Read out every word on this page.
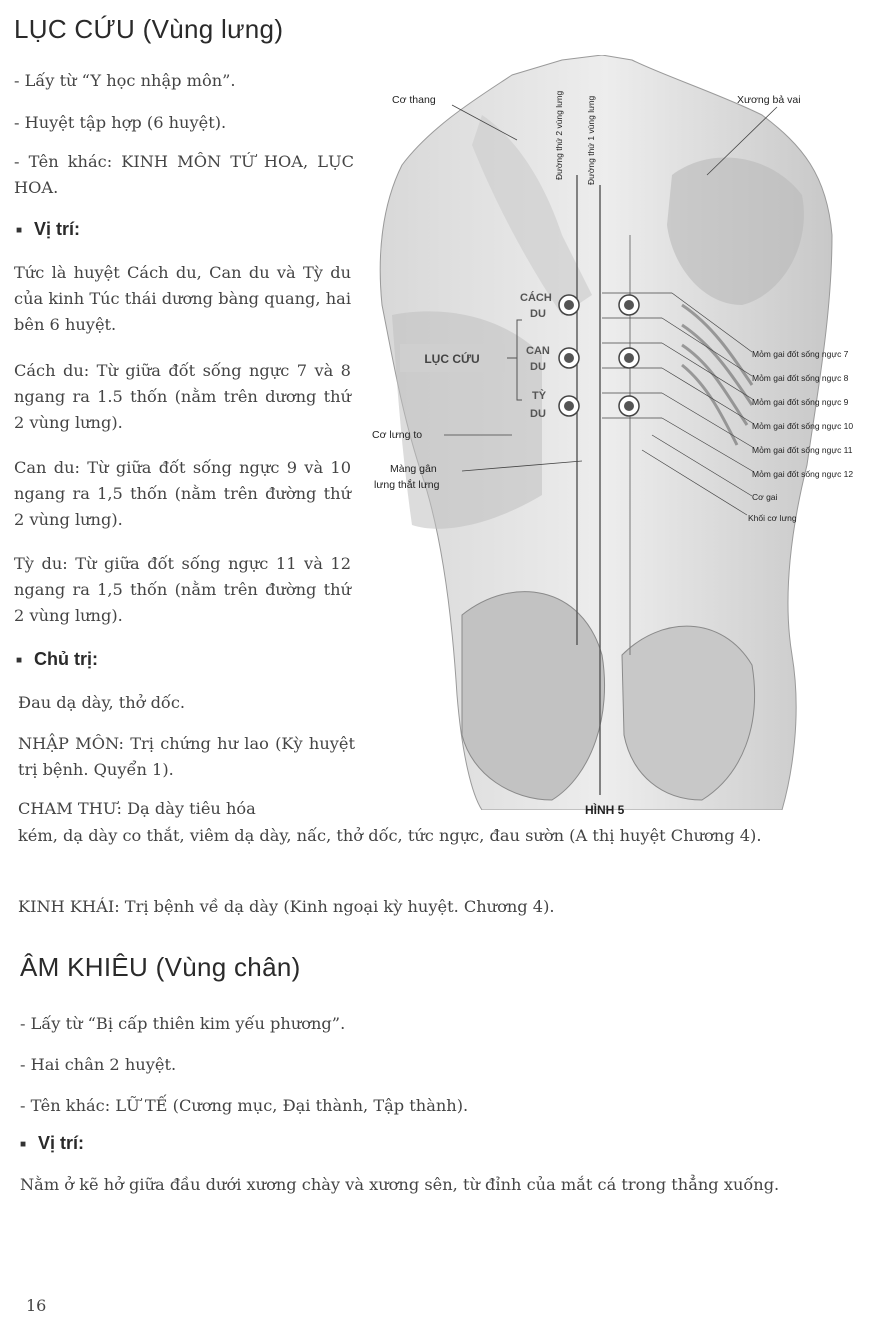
LỤC CỨU (Vùng lưng)
- Lấy từ “Y học nhập môn”.
- Huyệt tập hợp (6 huyệt).
- Tên khác: KINH MÔN TỨ HOA, LỤC HOA.
■ Vị trí:
Tức là huyệt Cách du, Can du và Tỳ du của kinh Túc thái dương bàng quang, hai bên 6 huyệt.
Cách du: Từ giữa đốt sống ngực 7 và 8 ngang ra 1.5 thốn (nằm trên dương thứ 2 vùng lưng).
Can du: Từ giữa đốt sống ngực 9 và 10 ngang ra 1,5 thốn (nằm trên đường thứ 2 vùng lưng).
Tỳ du: Từ giữa đốt sống ngực 11 và 12 ngang ra 1,5 thốn (nằm trên đường thứ 2 vùng lưng).
■ Chủ trị:
Đau dạ dày, thở dốc.
NHẬP MÔN: Trị chứng hư lao (Kỳ huyệt trị bệnh. Quyển 1).
CHAM THƯ: Dạ dày tiêu hóa
kém, dạ dày co thắt, viêm dạ dày, nấc, thở dốc, tức ngực, đau sườn (A thị huyệt Chương 4).
KINH KHÁI: Trị bệnh về dạ dày (Kinh ngoại kỳ huyệt. Chương 4).
Đường thứ 2 vùng lưng	Đường thứ 1 vùng lưng
CÁCH
DU
CAN
DU
TỲ
DU
LỤC CỨU
Cơ thang	Xương bả vai
Cơ lưng to
Màng gân
lưng thắt lưng
Mỏm gai đốt sống ngực 7
Mỏm gai đốt sống ngực 8
Mỏm gai đốt sống ngực 9
Mỏm gai đốt sống ngực 10
Mỏm gai đốt sống ngực 11
Mỏm gai đốt sống ngực 12
Cơ gai
Khối cơ lưng
HÌNH 5
ÂM KHIÊU (Vùng chân)
- Lấy từ “Bị cấp thiên kim yếu phương”.
- Hai chân 2 huyệt.
- Tên khác: LỮ TẾ (Cương mục, Đại thành, Tập thành).
■ Vị trí:
Nằm ở kẽ hở giữa đầu dưới xương chày và xương sên, từ đỉnh của mắt cá trong thẳng xuống.
16
